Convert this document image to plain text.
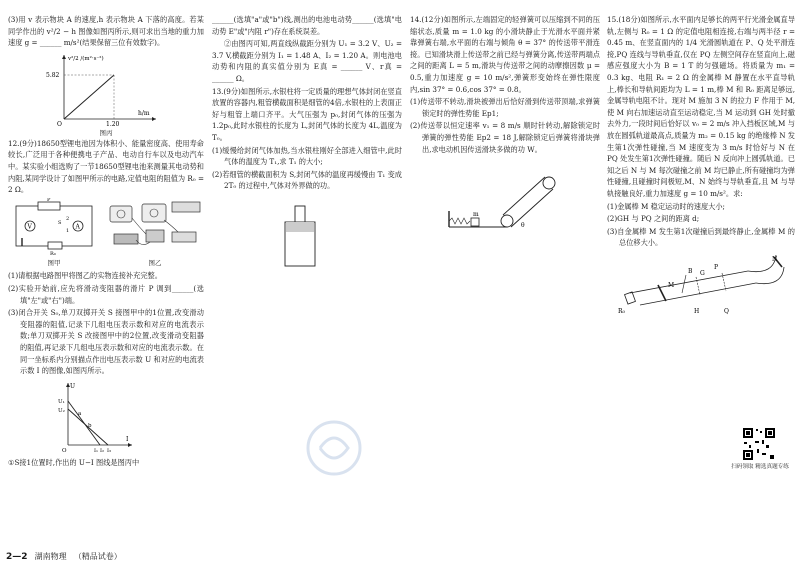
(3)用 v 表示物块 A 的速度,h 表示物块 A 下落的高度。若某同学作出的 v²/2 − h 图像如图丙所示,则可求出当地的重力加速度 g = ______ m/s²(结果保留三位有效数字)。
v²/2 /(m²·s⁻²)
5.82
1.20
h/m
O
图丙
12.(9分)18650型锂电池因为体积小、能量密度高、使用寿命较长,广泛用于各种便携电子产品、电动自行车以及电动汽车中。某实验小组选购了一节18650型锂电池来测量其电动势和内阻,某同学设计了如图甲所示的电路,定值电阻的阻值为 R₀ = 2 Ω。
V	A
P
R₀
S
1
2
图甲	图乙
(1)请根据电路图甲将图乙的实物连接补充完整。
(2)实验开始前,应先将滑动变阻器的滑片 P 调到______(选填"左"或"右")端。
(3)闭合开关 S₀,单刀双掷开关 S 接图甲中的1位置,改变滑动变阻器的阻值,记录下几组电压表示数和对应的电流表示数;单刀双掷开关 S 改接图甲中的2位置,改变滑动变阻器的阻值,再记录下几组电压表示数和对应的电流表示数。在同一坐标系内分别描点作出电压表示数 U 和对应的电流表示数 I 的图像,如图丙所示。
U₁
U₂ a
b
I₁ I₂ I₃
O
U
I
①S接1位置时,作出的 U−I 图线是图丙中
______(选填"a"或"b")线,测出的电池电动势______(选填"电动势 E"或"内阻 r")存在系统误差。
②由图丙可知,两直线纵截距分别为 U₁ = 3.2 V、U₂ = 3.7 V,横截距分别为 I₁ = 1.48 A、I₂ = 1.20 A。则电池电动势和内阻的真实值分别为 E真 = ______ V、r真 = ______ Ω。
13.(9分)如图所示,水银柱将一定质量的理想气体封闭在竖直放置的容器内,粗管横截面积是细管的4倍,水银柱的上表面正好与粗管上端口齐平。大气压强为 p₀,封闭气体的压强为 1.2p₀,此时水银柱的长度为 L,封闭气体的长度为 4L,温度为 T₀。
(1)缓慢给封闭气体加热,当水银柱刚好全部进入细管中,此时气体的温度为 T₁,求 T₁ 的大小;
(2)若细管的横截面积为 S,封闭气体的温度再缓慢由 T₁ 变成 2T₀ 的过程中,气体对外界做的功。
14.(12分)如图所示,左端固定的轻弹簧可以压缩到不同的压缩状态,质量 m = 1.0 kg 的小滑块静止于光滑水平面并紧靠弹簧右端,水平面的右端与倾角 θ = 37° 的传送带平滑连接。已知滑块滑上传送带之前已经与弹簧分离,传送带两端点之间的距离 L = 5 m,滑块与传送带之间的动摩擦因数 μ = 0.5,重力加速度 g = 10 m/s²,弹簧形变始终在弹性限度内,sin 37° = 0.6,cos 37° = 0.8。
(1)传送带不转动,滑块被弹出后恰好滑到传送带顶端,求弹簧锁定时的弹性势能 Ep1;
(2)传送带以恒定速率 v₁ = 8 m/s 顺时针转动,解除锁定时弹簧的弹性势能 Ep2 = 18 J,解除锁定后弹簧将滑块弹出,求电动机因传送滑块多做的功 W。
m
θ
15.(18分)如图所示,水平面内足够长的两平行光滑金属直导轨,左侧与 R₀ = 1 Ω 的定值电阻相连接,右端与两半径 r = 0.45 m、在竖直面内的 1/4 光滑圆轨道在 P、Q 处平滑连接,PQ 连线与导轨垂直,仅在 PQ 左侧空间存在竖直向上,磁感应强度大小为 B = 1 T 的匀强磁场。将质量为 m₁ = 0.3 kg、电阻 R₁ = 2 Ω 的金属棒 M 静置在水平直导轨上,棒长和导轨间距均为 L = 1 m,棒 M 和 R₀ 距离足够远,金属导轨电阻不计。现对 M 施加 3 N 的拉力 F 作用于 M,使 M 向右加速运动直至运动稳定,当 M 运动到 GH 处时撤去外力,一段时间后恰好以 v₀ = 2 m/s 冲入挡板区域,M 与放在圆弧轨道最高点,质量为 m₂ = 0.15 kg 的绝缘棒 N 发生第1次弹性碰撞,当 M 速度变为 3 m/s 时恰好与 N 在 PQ 处发生第1次弹性碰撞。随后 N 反向冲上圆弧轨道。已知之后 N 与 M 每次碰撞之前 M 均已静止,所有碰撞均为弹性碰撞,且碰撞时间极短,M、N 始终与导轨垂直,且 M 与导轨接触良好,重力加速度 g = 10 m/s²。求:
(1)金属棒 M 稳定运动时的速度大小;
(2)GH 与 PQ 之间的距离 d;
(3)自金属棒 M 发生第1次碰撞后到最终静止,金属棒 M 的总位移大小。
R₀
M
B G
P
N
H	Q
扫码领取 精选真题专练
2—2 湖南物理 （精品试卷）
